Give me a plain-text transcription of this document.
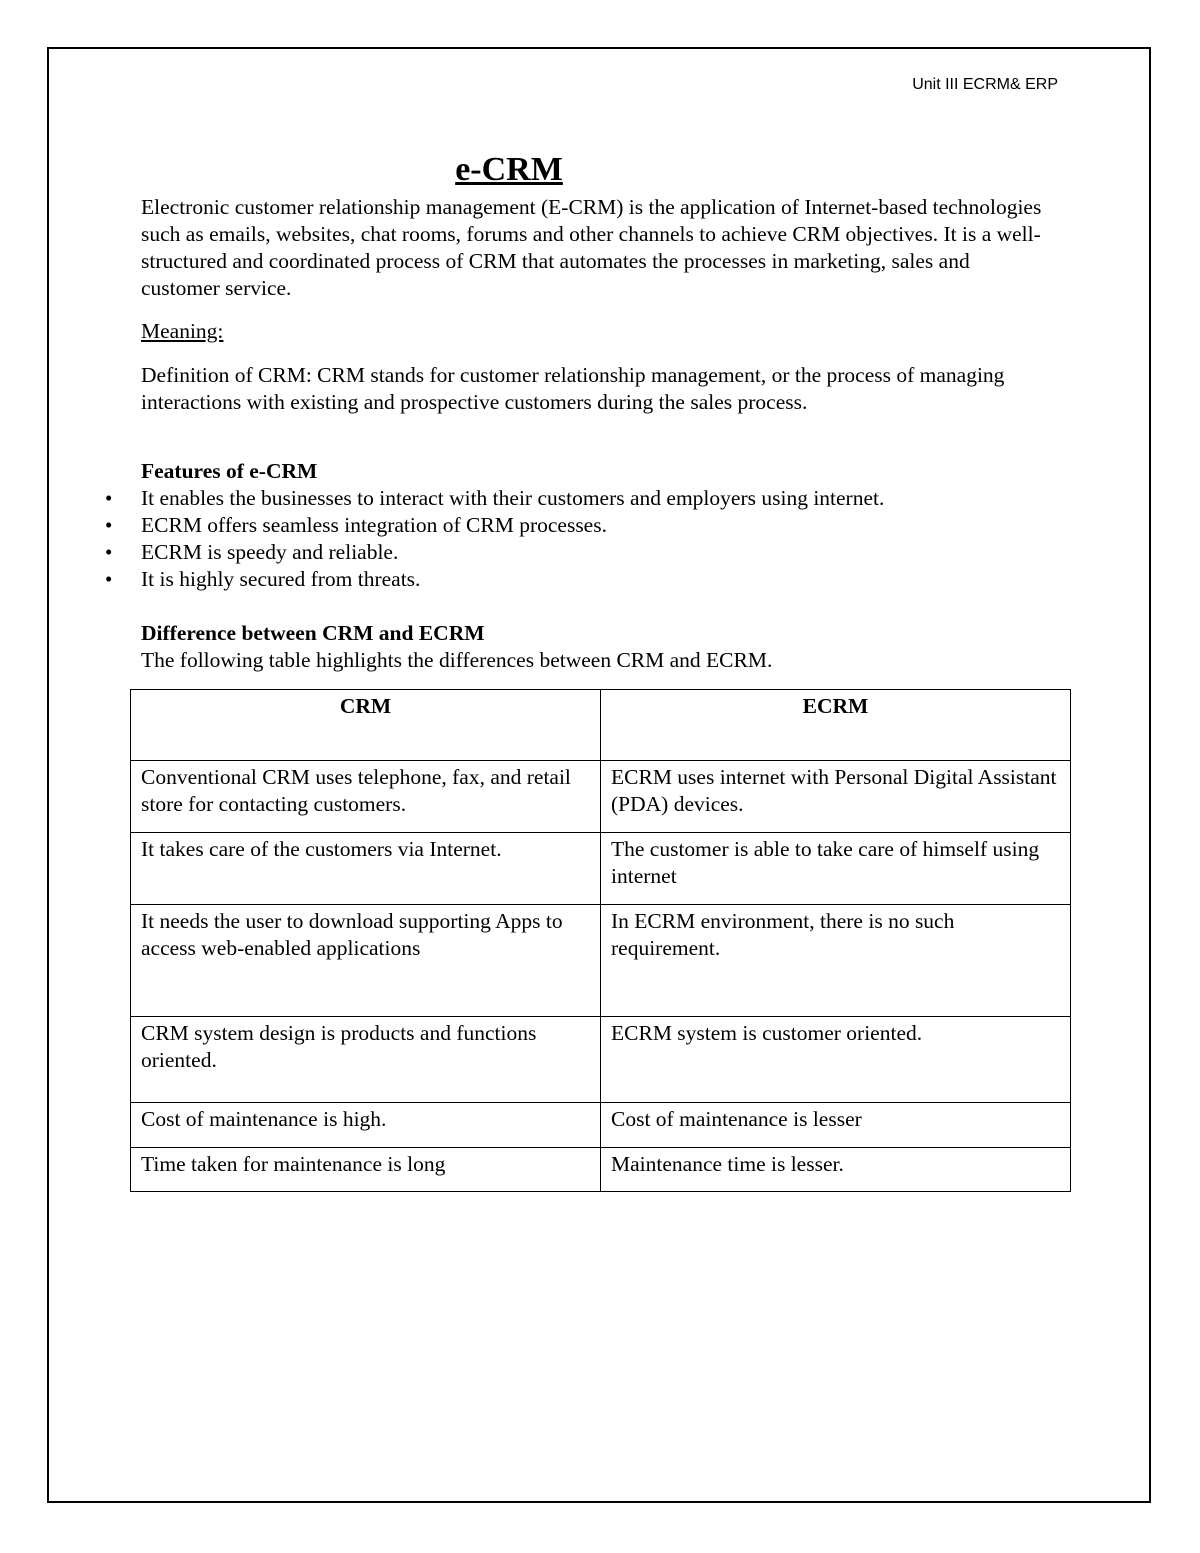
Unit III ECRM& ERP
e-CRM

Electronic customer relationship management (E-CRM) is the application of Internet-based technologies such as emails, websites, chat rooms, forums and other channels to achieve CRM objectives. It is a well-structured and coordinated process of CRM that automates the processes in marketing, sales and customer service.

Meaning:

Definition of CRM: CRM stands for customer relationship management, or the process of managing interactions with existing and prospective customers during the sales process.

Features of e-CRM

• It enables the businesses to interact with their customers and employers using internet.
• ECRM offers seamless integration of CRM processes.
• ECRM is speedy and reliable.
• It is highly secured from threats.

Difference between CRM and ECRM

The following table highlights the differences between CRM and ECRM.

CRM	ECRM
Conventional CRM uses telephone, fax, and retail store for contacting customers.	ECRM uses internet with Personal Digital Assistant (PDA) devices.
It takes care of the customers via Internet.	The customer is able to take care of himself using internet
It needs the user to download supporting Apps to access web-enabled applications	In ECRM environment, there is no such requirement.
CRM system design is products and functions oriented.	ECRM system is customer oriented.
Cost of maintenance is high.	Cost of maintenance is lesser
Time taken for maintenance is long	Maintenance time is lesser.
